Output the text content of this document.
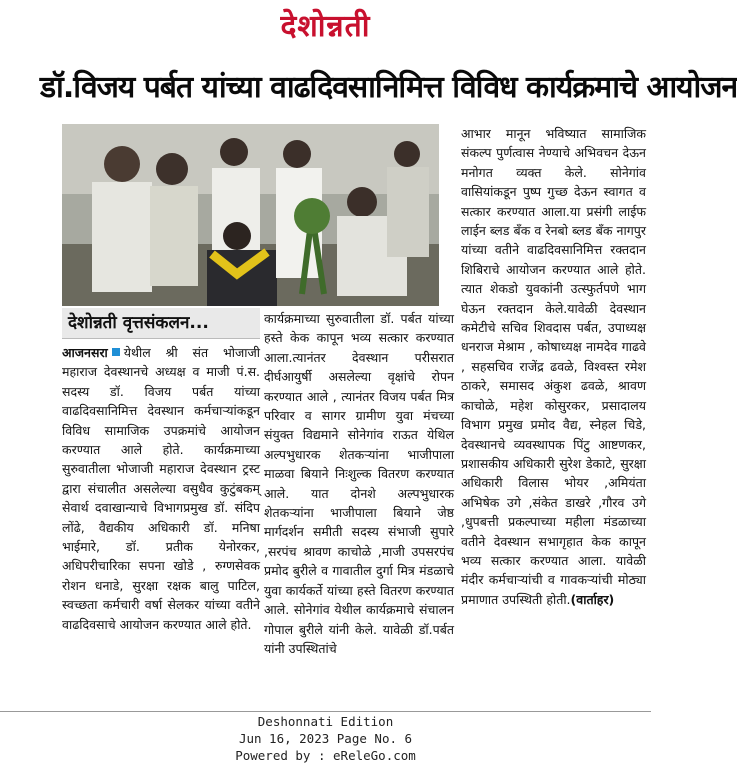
देशोन्नती
डॉ.विजय पर्बत यांच्या वाढदिवसानिमित्त विविध कार्यक्रमाचे आयोजन
देशोन्नती वृत्तसंकलन...
आजनसरा येथील श्री संत भोजाजी महाराज देवस्थानचे अध्यक्ष व माजी पं.स. सदस्य डॉ. विजय पर्बत यांच्या वाढदिवसानिमित्त देवस्थान कर्मचाऱ्यांकडून विविध सामाजिक उपक्रमांचे आयोजन करण्यात आले होते. कार्यक्रमाच्या सुरुवातीला भोजाजी महाराज देवस्थान ट्रस्ट द्वारा संचालीत असलेल्या वसुधैव कुटुंबकम् सेवार्थ दवाखान्याचे विभागप्रमुख डॉ. संदिप लोंढे, वैद्यकीय अधिकारी डॉ. मनिषा भाईमारे, डॉ. प्रतीक येनोरकर, अधिपरीचारिका सपना खोडे , रुग्णसेवक रोशन धनाडे, सुरक्षा रक्षक बालु पाटिल, स्वच्छता कर्मचारी वर्षा सेलकर यांच्या वतीने वाढदिवसाचे आयोजन करण्यात आले होते.
कार्यक्रमाच्या सुरुवातीला डॉ. पर्बत यांच्या हस्ते केक कापून भव्य सत्कार करण्यात आला.त्यानंतर देवस्थान परीसरात दीर्घआयुर्षी असलेल्या वृक्षांचे रोपन करण्यात आले , त्यानंतर विजय पर्बत मित्र परिवार व सागर ग्रामीण युवा मंचच्या संयुक्त विद्यमाने सोनेगांव राऊत येथिल अल्पभुधारक शेतकऱ्यांना भाजीपाला माळवा बियाने निःशुल्क वितरण करण्यात आले. यात दोनशे अल्पभुधारक शेतकऱ्यांना भाजीपाला बियाने जेष्ठ मार्गदर्शन समीती सदस्य संभाजी सुपारे ,सरपंच श्रावण काचोळे ,माजी उपसरपंच प्रमोद बुरीले व गावातील दुर्गा मित्र मंडळाचे युवा कार्यकर्ते यांच्या हस्ते वितरण करण्यात आले. सोनेगांव येथील कार्यक्रमाचे संचालन गोपाल बुरीले यांनी केले. यावेळी डॉ.पर्बत यांनी उपस्थितांचे
आभार मानून भविष्यात सामाजिक संकल्प पुर्णत्वास नेण्याचे अभिवचन देऊन मनोगत व्यक्त केले. सोनेगांव वासियांकडून पुष्प गुच्छ देऊन स्वागत व सत्कार करण्यात आला.या प्रसंगी लाईफ लाईन ब्लड बँक व रेनबो ब्लड बँक नागपुर यांच्या वतीने वाढदिवसानिमित्त रक्तदान शिबिराचे आयोजन करण्यात आले होते. त्यात शेकडो युवकांनी उत्स्फुर्तपणे भाग घेऊन रक्तदान केले.यावेळी देवस्थान कमेटीचे सचिव शिवदास पर्बत, उपाध्यक्ष धनराज मेश्राम , कोषाध्यक्ष नामदेव गाढवे , सहसचिव राजेंद्र ढवळे, विश्वस्त रमेश ठाकरे, समासद अंकुश ढवळे, श्रावण काचोळे, महेश कोसुरकर, प्रसादालय विभाग प्रमुख प्रमोद वैद्य, स्नेहल चिडे, देवस्थानचे व्यवस्थापक पिंटु आष्टणकर, प्रशासकीय अधिकारी सुरेश डेकाटे, सुरक्षा अधिकारी विलास भोयर ,अमियंता अभिषेक उगे ,संकेत डाखरे ,गौरव उगे ,धुपबत्ती प्रकल्पाच्या महीला मंडळाच्या वतीने देवस्थान सभागृहात केक कापून भव्य सत्कार करण्यात आला. यावेळी मंदीर कर्मचाऱ्यांची व गावकऱ्यांची मोठ्या प्रमाणात उपस्थिती होती.(वार्ताहर)
Deshonnati Edition
Jun 16, 2023 Page No. 6
Powered by : eReleGo.com
